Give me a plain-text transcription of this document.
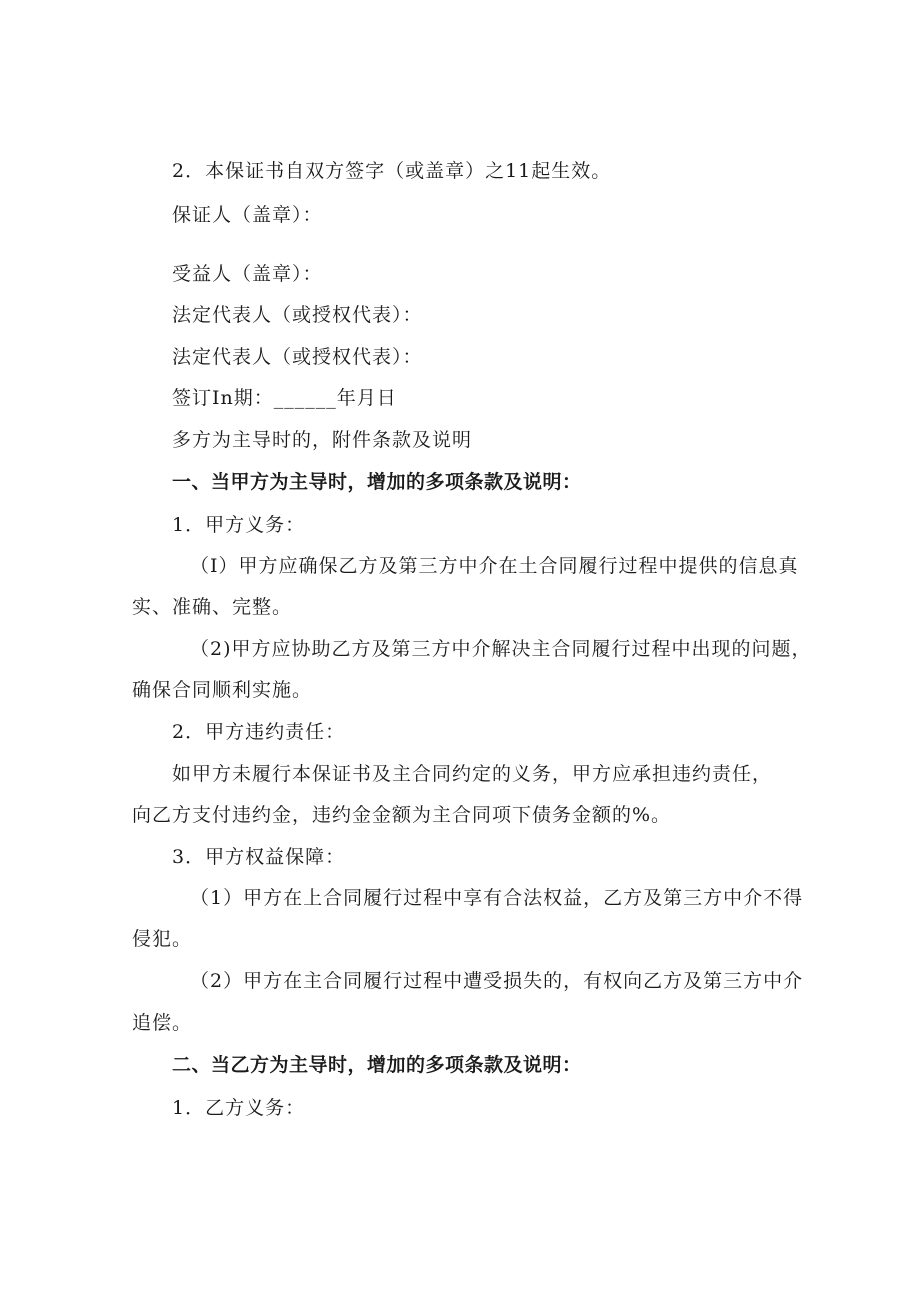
2．本保证书自双方签字（或盖章）之11起生效。
保证人（盖章）：
受益人（盖章）：
法定代表人（或授权代表）：
法定代表人（或授权代表）：
签订In期：______年月日
多方为主导时的，附件条款及说明
一、当甲方为主导时，增加的多项条款及说明：
1．甲方义务：
（I）甲方应确保乙方及第三方中介在土合同履行过程中提供的信息真
实、准确、完整。
（2)甲方应协助乙方及第三方中介解决主合同履行过程中出现的问题，
确保合同顺利实施。
2．甲方违约责任：
如甲方未履行本保证书及主合同约定的义务，甲方应承担违约责任，
向乙方支付违约金，违约金金额为主合同项下债务金额的%。
3．甲方权益保障：
（1）甲方在上合同履行过程中享有合法权益，乙方及第三方中介不得
侵犯。
（2）甲方在主合同履行过程中遭受损失的，有权向乙方及第三方中介
追偿。
二、当乙方为主导时，增加的多项条款及说明：
1．乙方义务：
